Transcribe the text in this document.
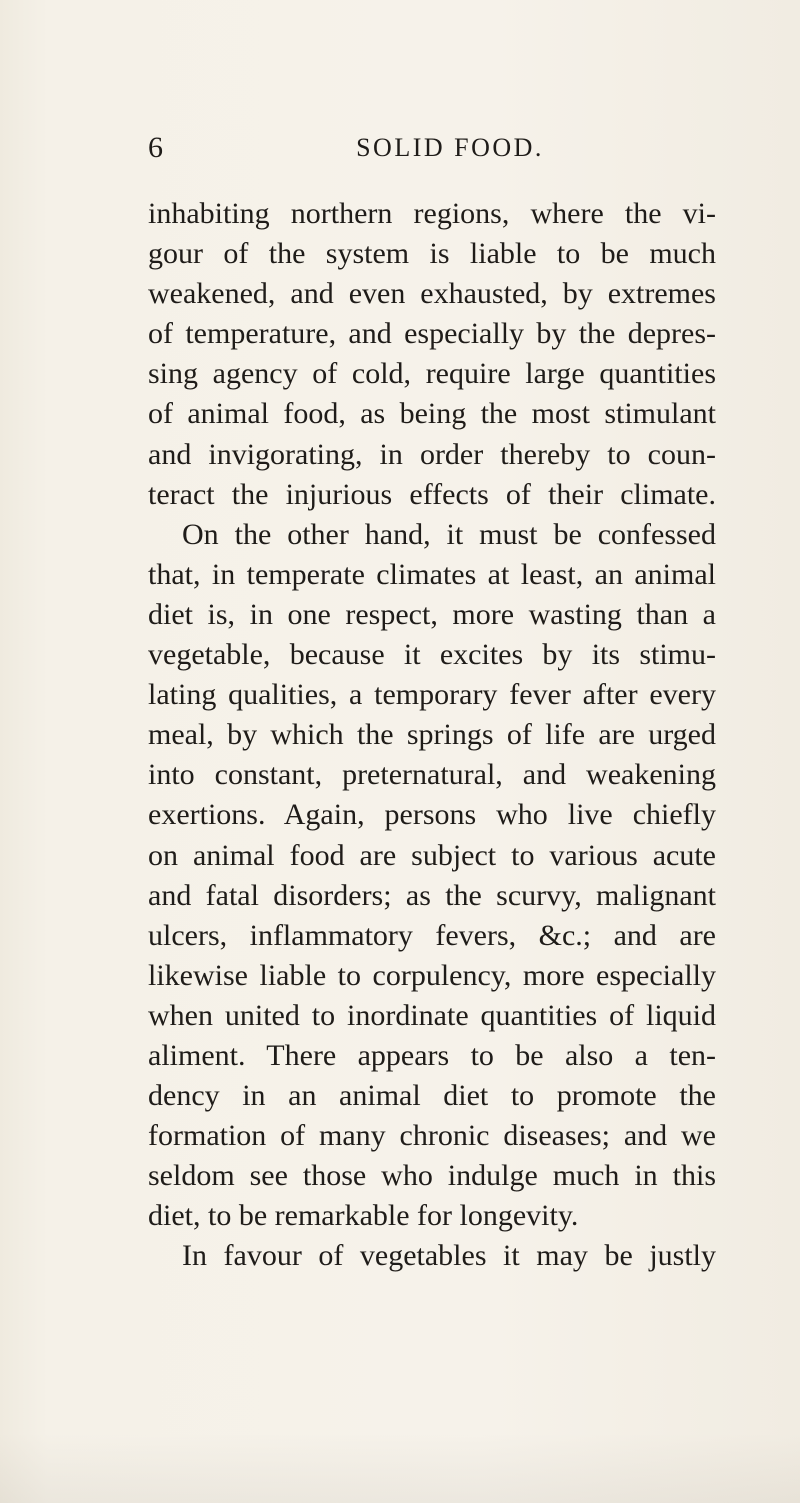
6	SOLID FOOD.
inhabiting northern regions, where the vi-
gour of the system is liable to be much
weakened, and even exhausted, by extremes
of temperature, and especially by the depres-
sing agency of cold, require large quantities
of animal food, as being the most stimulant
and invigorating, in order thereby to coun-
teract the injurious effects of their climate.
On the other hand, it must be confessed
that, in temperate climates at least, an animal
diet is, in one respect, more wasting than a
vegetable, because it excites by its stimu-
lating qualities, a temporary fever after every
meal, by which the springs of life are urged
into constant, preternatural, and weakening
exertions. Again, persons who live chiefly
on animal food are subject to various acute
and fatal disorders; as the scurvy, malignant
ulcers, inflammatory fevers, &c.; and are
likewise liable to corpulency, more especially
when united to inordinate quantities of liquid
aliment. There appears to be also a ten-
dency in an animal diet to promote the
formation of many chronic diseases; and we
seldom see those who indulge much in this
diet, to be remarkable for longevity.
In favour of vegetables it may be justly
